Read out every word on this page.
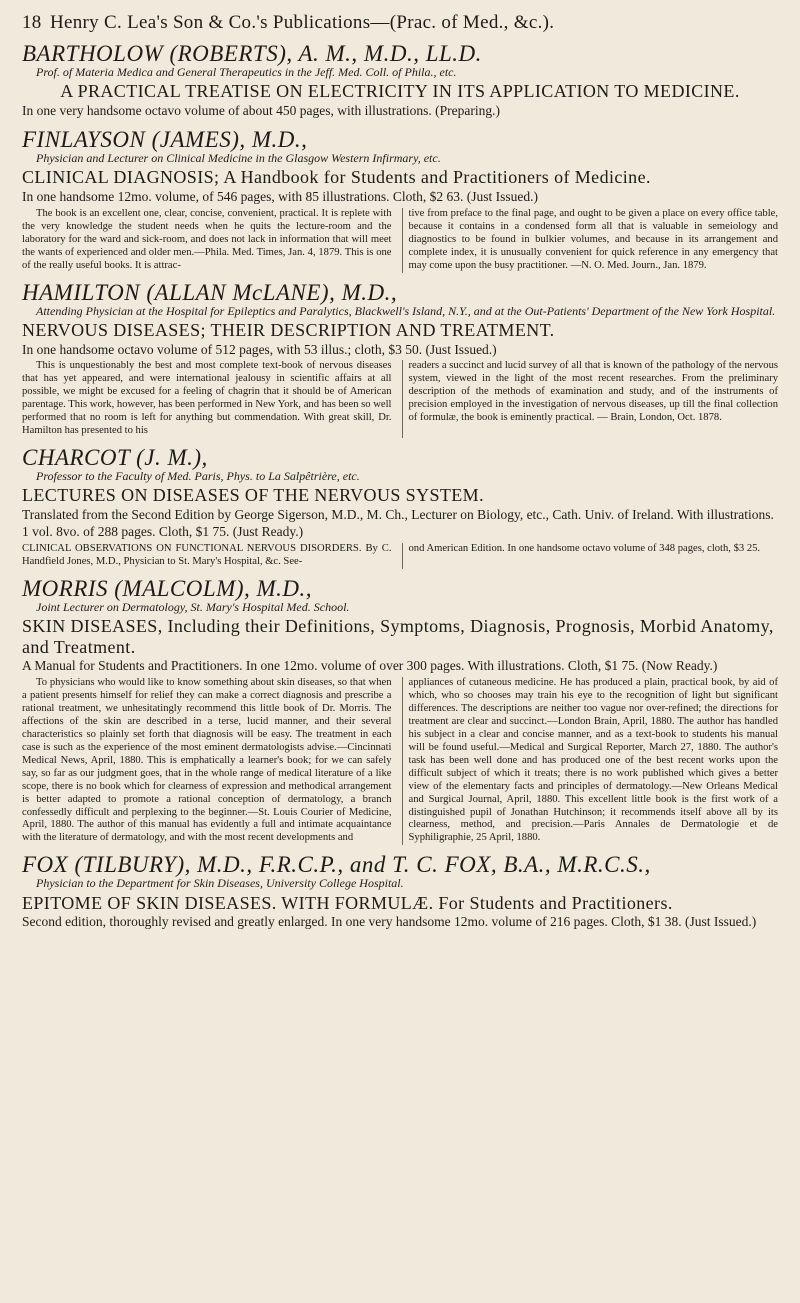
18 Henry C. Lea's Son & Co.'s Publications—(Prac. of Med., &c.).

BARTHOLOW (ROBERTS), A. M., M.D., LL.D.

Prof. of Materia Medica and General Therapeutics in the Jeff. Med. Coll. of Phila., etc.

A PRACTICAL TREATISE ON ELECTRICITY IN ITS APPLICATION TO MEDICINE.

In one very handsome octavo volume of about 450 pages, with illustrations. (Preparing.)

FINLAYSON (JAMES), M.D.,

Physician and Lecturer on Clinical Medicine in the Glasgow Western Infirmary, etc.

CLINICAL DIAGNOSIS; A Handbook for Students and Practitioners of Medicine.

In one handsome 12mo. volume, of 546 pages, with 85 illustrations. Cloth, $2 63. (Just Issued.)

The book is an excellent one, clear, concise, convenient, practical. It is replete with the very knowledge the student needs when he quits the lecture-room and the laboratory for the ward and sick-room, and does not lack in information that will meet the wants of experienced and older men.—Phila. Med. Times, Jan. 4, 1879. This is one of the really useful books. It is attrac-

tive from preface to the final page, and ought to be given a place on every office table, because it contains in a condensed form all that is valuable in semeiology and diagnostics to be found in bulkier volumes, and because in its arrangement and complete index, it is unusually convenient for quick reference in any emergency that may come upon the busy practitioner. —N. O. Med. Journ., Jan. 1879.

HAMILTON (ALLAN McLANE), M.D.,

Attending Physician at the Hospital for Epileptics and Paralytics, Blackwell's Island, N.Y., and at the Out-Patients' Department of the New York Hospital.

NERVOUS DISEASES; THEIR DESCRIPTION AND TREATMENT.

In one handsome octavo volume of 512 pages, with 53 illus.; cloth, $3 50. (Just Issued.)

This is unquestionably the best and most complete text-book of nervous diseases that has yet appeared, and were international jealousy in scientific affairs at all possible, we might be excused for a feeling of chagrin that it should be of American parentage. This work, however, has been performed in New York, and has been so well performed that no room is left for anything but commendation. With great skill, Dr. Hamilton has presented to his

readers a succinct and lucid survey of all that is known of the pathology of the nervous system, viewed in the light of the most recent researches. From the preliminary description of the methods of examination and study, and of the instruments of precision employed in the investigation of nervous diseases, up till the final collection of formulæ, the book is eminently practical. — Brain, London, Oct. 1878.

CHARCOT (J. M.),

Professor to the Faculty of Med. Paris, Phys. to La Salpêtrière, etc.

LECTURES ON DISEASES OF THE NERVOUS SYSTEM.

Translated from the Second Edition by George Sigerson, M.D., M. Ch., Lecturer on Biology, etc., Cath. Univ. of Ireland. With illustrations. 1 vol. 8vo. of 288 pages. Cloth, $1 75. (Just Ready.)

CLINICAL OBSERVATIONS ON FUNCTIONAL NERVOUS DISORDERS. By C. Handfield Jones, M.D., Physician to St. Mary's Hospital, &c. See-

ond American Edition. In one handsome octavo volume of 348 pages, cloth, $3 25.

MORRIS (MALCOLM), M.D.,

Joint Lecturer on Dermatology, St. Mary's Hospital Med. School.

SKIN DISEASES, Including their Definitions, Symptoms, Diagnosis, Prognosis, Morbid Anatomy, and Treatment.

A Manual for Students and Practitioners. In one 12mo. volume of over 300 pages. With illustrations. Cloth, $1 75. (Now Ready.)

To physicians who would like to know something about skin diseases, so that when a patient presents himself for relief they can make a correct diagnosis and prescribe a rational treatment, we unhesitatingly recommend this little book of Dr. Morris. The affections of the skin are described in a terse, lucid manner, and their several characteristics so plainly set forth that diagnosis will be easy. The treatment in each case is such as the experience of the most eminent dermatologists advise.—Cincinnati Medical News, April, 1880. This is emphatically a learner's book; for we can safely say, so far as our judgment goes, that in the whole range of medical literature of a like scope, there is no book which for clearness of expression and methodical arrangement is better adapted to promote a rational conception of dermatology, a branch confessedly difficult and perplexing to the beginner.—St. Louis Courier of Medicine, April, 1880. The author of this manual has evidently a full and intimate acquaintance with the literature of dermatology, and with the most recent developments and

appliances of cutaneous medicine. He has produced a plain, practical book, by aid of which, who so chooses may train his eye to the recognition of light but significant differences. The descriptions are neither too vague nor over-refined; the directions for treatment are clear and succinct.—London Brain, April, 1880. The author has handled his subject in a clear and concise manner, and as a text-book to students his manual will be found useful.—Medical and Surgical Reporter, March 27, 1880. The author's task has been well done and has produced one of the best recent works upon the difficult subject of which it treats; there is no work published which gives a better view of the elementary facts and principles of dermatology.—New Orleans Medical and Surgical Journal, April, 1880. This excellent little book is the first work of a distinguished pupil of Jonathan Hutchinson; it recommends itself above all by its clearness, method, and precision.—Paris Annales de Dermatologie et de Syphiligraphie, 25 April, 1880.

FOX (TILBURY), M.D., F.R.C.P., and T. C. FOX, B.A., M.R.C.S.,

Physician to the Department for Skin Diseases, University College Hospital.

EPITOME OF SKIN DISEASES. WITH FORMULÆ. For Students and Practitioners.

Second edition, thoroughly revised and greatly enlarged. In one very handsome 12mo. volume of 216 pages. Cloth, $1 38. (Just Issued.)
